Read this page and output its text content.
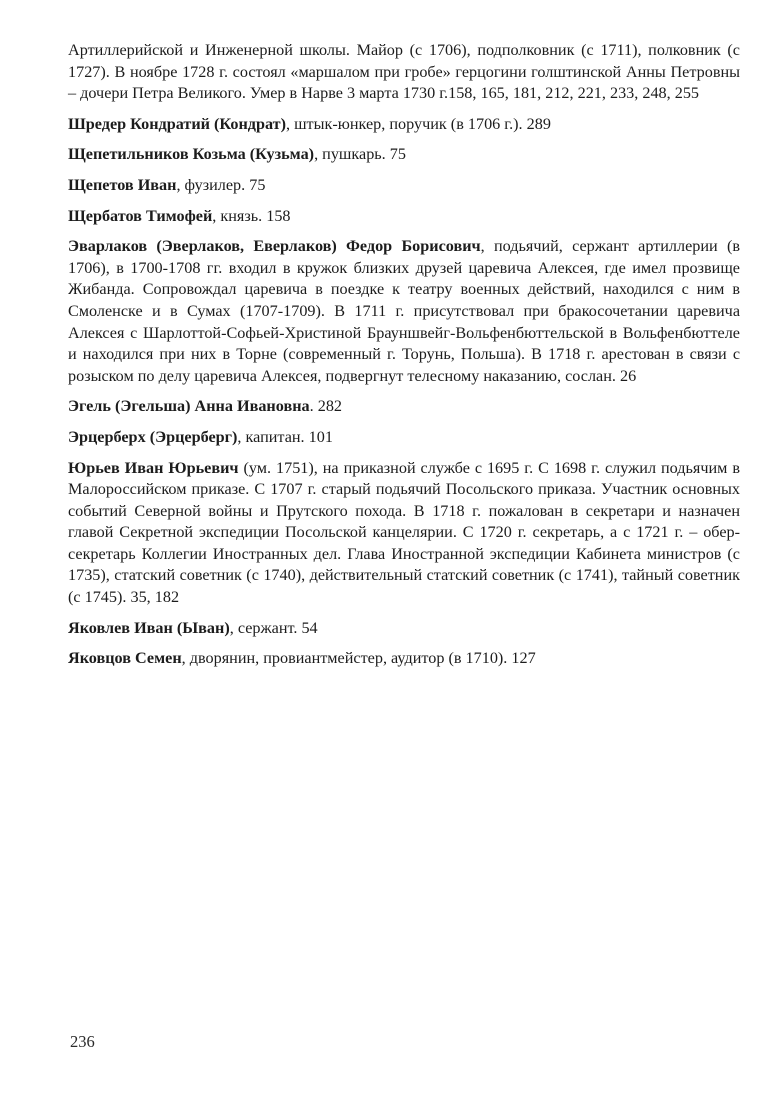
Артиллерийской и Инженерной школы. Майор (с 1706), подполковник (с 1711), полковник (с 1727). В ноябре 1728 г. состоял «маршалом при гробе» герцогини голштинской Анны Петровны – дочери Петра Великого. Умер в Нарве 3 марта 1730 г.158, 165, 181, 212, 221, 233, 248, 255

Шредер Кондратий (Кондрат), штык-юнкер, поручик (в 1706 г.). 289

Щепетильников Козьма (Кузьма), пушкарь. 75

Щепетов Иван, фузилер. 75

Щербатов Тимофей, князь. 158

Эварлаков (Эверлаков, Еверлаков) Федор Борисович, подьячий, сержант артиллерии (в 1706), в 1700-1708 гг. входил в кружок близких друзей царевича Алексея, где имел прозвище Жибанда. Сопровождал царевича в поездке к театру военных действий, находился с ним в Смоленске и в Сумах (1707-1709). В 1711 г. присутствовал при бракосочетании царевича Алексея с Шарлоттой-Софьей-Христиной Брауншвейг-Вольфенбюттельской в Вольфенбюттеле и находился при них в Торне (современный г. Торунь, Польша). В 1718 г. арестован в связи с розыском по делу царевича Алексея, подвергнут телесному наказанию, сослан. 26

Эгель (Эгельша) Анна Ивановна. 282

Эрцерберх (Эрцерберг), капитан. 101

Юрьев Иван Юрьевич (ум. 1751), на приказной службе с 1695 г. С 1698 г. служил подьячим в Малороссийском приказе. С 1707 г. старый подьячий Посольского приказа. Участник основных событий Северной войны и Прутского похода. В 1718 г. пожалован в секретари и назначен главой Секретной экспедиции Посольской канцелярии. С 1720 г. секретарь, а с 1721 г. – обер-секретарь Коллегии Иностранных дел. Глава Иностранной экспедиции Кабинета министров (с 1735), статский советник (с 1740), действительный статский советник (с 1741), тайный советник (с 1745). 35, 182

Яковлев Иван (Ыван), сержант. 54

Яковцов Семен, дворянин, провиантмейстер, аудитор (в 1710). 127

236
